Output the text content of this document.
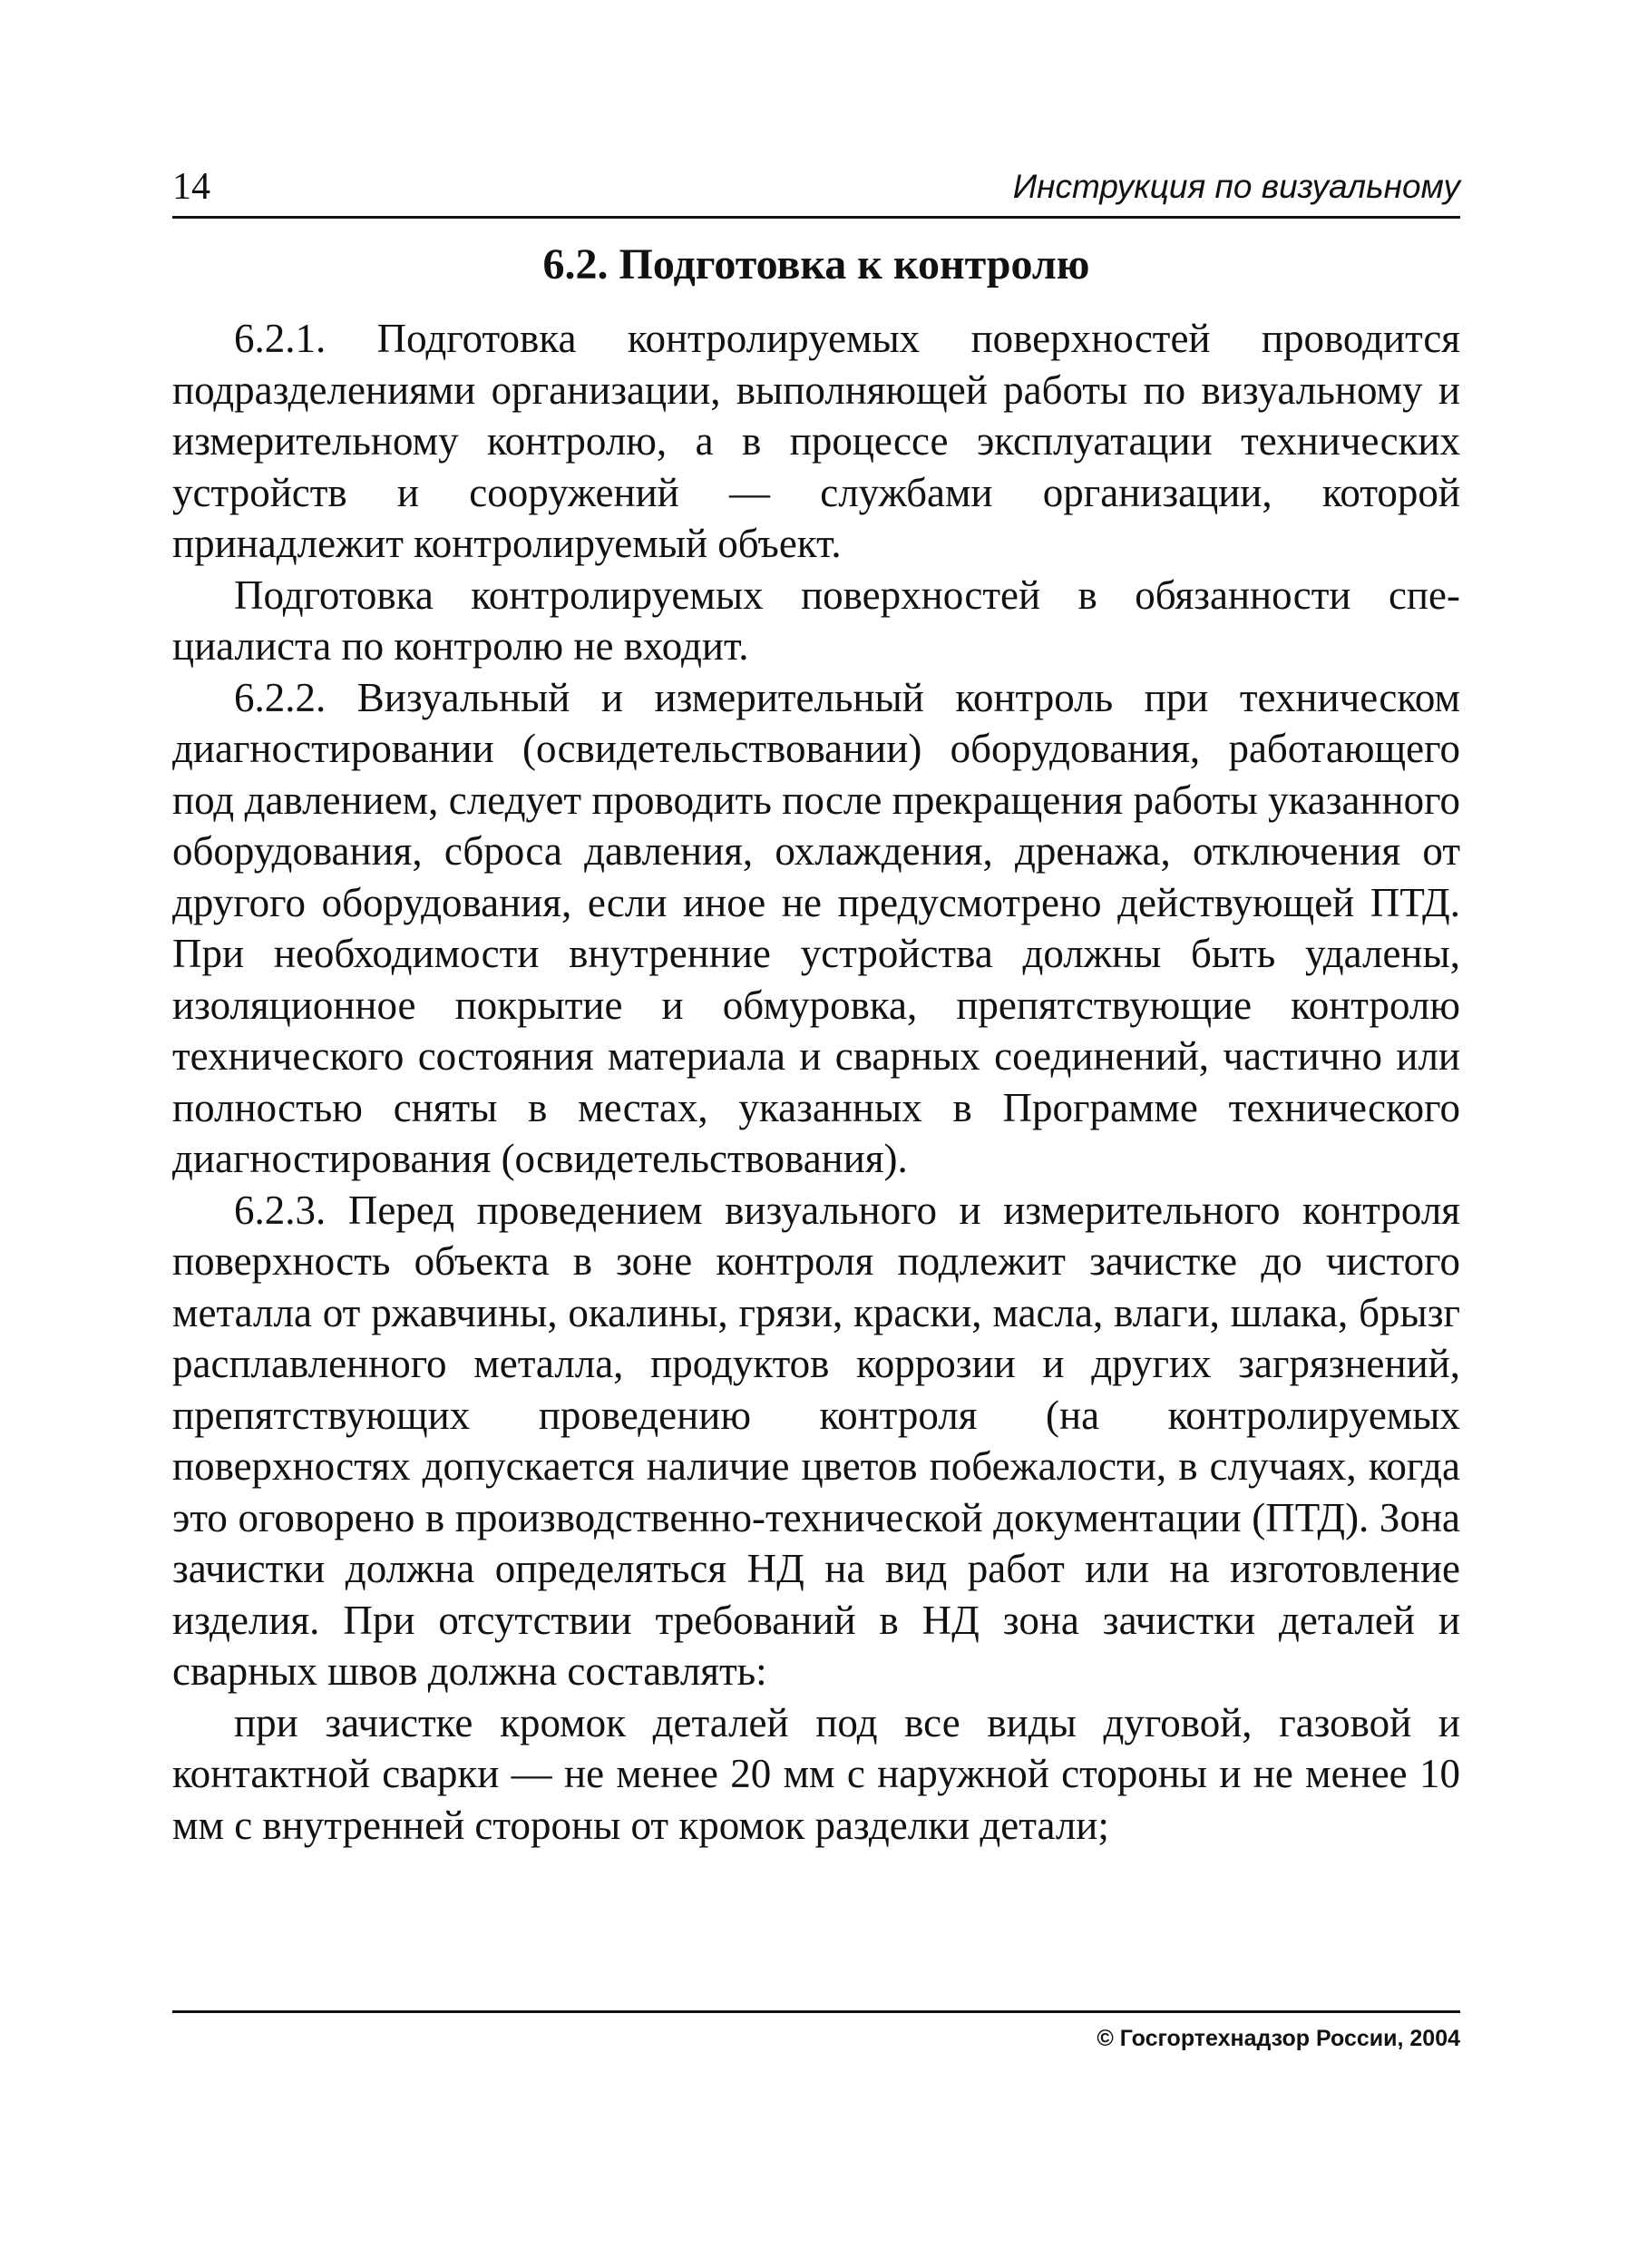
14	Инструкция по визуальному
6.2. Подготовка к контролю

6.2.1. Подготовка контролируемых поверхностей проводится подразделениями организации, выполняющей работы по визуальному и измерительному контролю, а в процессе эксплуатации технических устройств и сооружений — службами организации, которой принадлежит контролируемый объект.

Подготовка контролируемых поверхностей в обязанности специалиста по контролю не входит.

6.2.2. Визуальный и измерительный контроль при техническом диагностировании (освидетельствовании) оборудования, работающего под давлением, следует проводить после прекращения работы указанного оборудования, сброса давления, охлаждения, дренажа, отключения от другого оборудования, если иное не предусмотрено действующей ПТД. При необходимости внутренние устройства должны быть удалены, изоляционное покрытие и обмуровка, препятствующие контролю технического состояния материала и сварных соединений, частично или полностью сняты в местах, указанных в Программе технического диагностирования (освидетельствования).

6.2.3. Перед проведением визуального и измерительного контроля поверхность объекта в зоне контроля подлежит зачистке до чистого металла от ржавчины, окалины, грязи, краски, масла, влаги, шлака, брызг расплавленного металла, продуктов коррозии и других загрязнений, препятствующих проведению контроля (на контролируемых поверхностях допускается наличие цветов побежалости, в случаях, когда это оговорено в производственно-технической документации (ПТД). Зона зачистки должна определяться НД на вид работ или на изготовление изделия. При отсутствии требований в НД зона зачистки деталей и сварных швов должна составлять:

при зачистке кромок деталей под все виды дуговой, газовой и контактной сварки — не менее 20 мм с наружной стороны и не менее 10 мм с внутренней стороны от кромок разделки детали;

© Госгортехнадзор России, 2004
